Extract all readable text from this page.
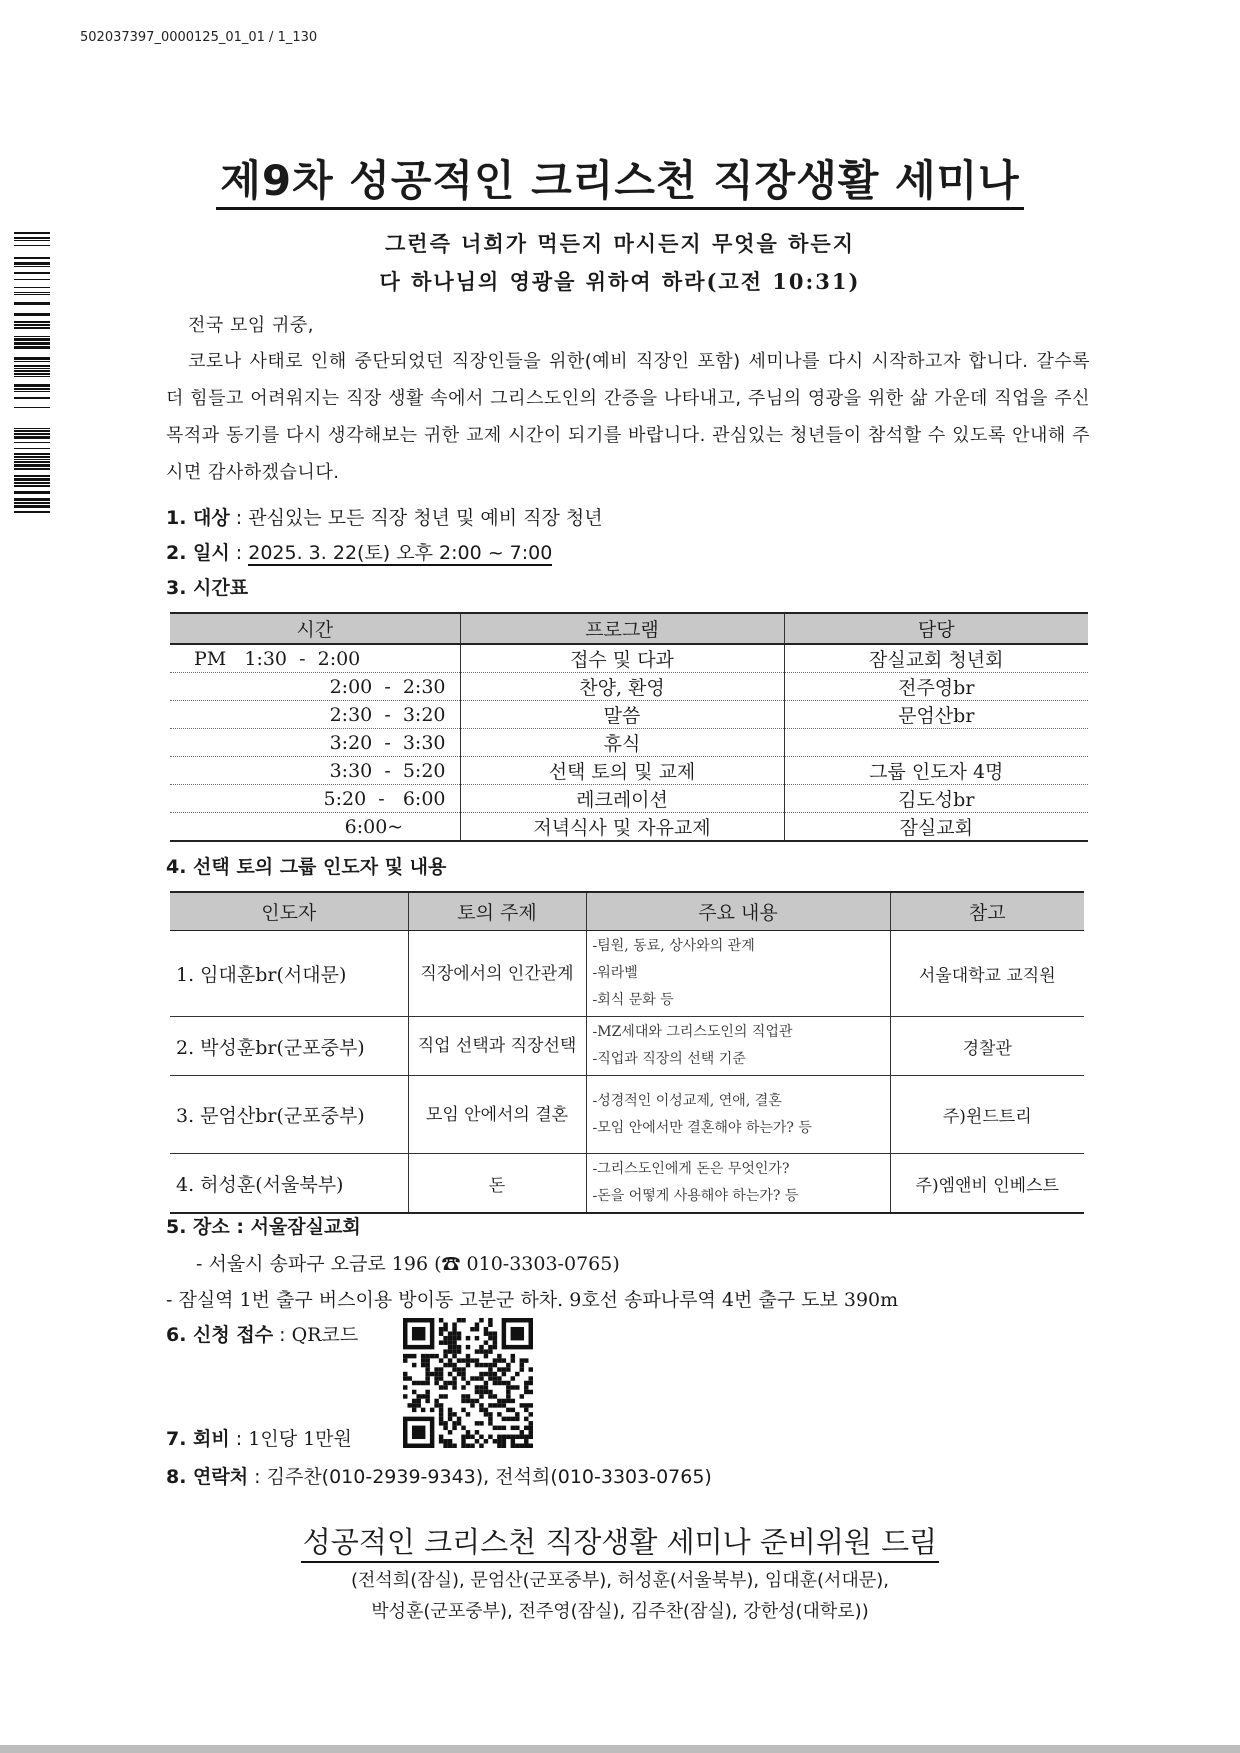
502037397_0000125_01_01 / 1_130
제9차 성공적인 크리스천 직장생활 세미나
그런즉 너희가 먹든지 마시든지 무엇을 하든지
다 하나님의 영광을 위하여 하라(고전 10:31)
전국 모임 귀중,
코로나 사태로 인해 중단되었던 직장인들을 위한(예비 직장인 포함) 세미나를 다시 시작하고자 합니다. 갈수록 더 힘들고 어려워지는 직장 생활 속에서 그리스도인의 간증을 나타내고, 주님의 영광을 위한 삶 가운데 직업을 주신 목적과 동기를 다시 생각해보는 귀한 교제 시간이 되기를 바랍니다. 관심있는 청년들이 참석할 수 있도록 안내해 주시면 감사하겠습니다.
1. 대상 : 관심있는 모든 직장 청년 및 예비 직장 청년
2. 일시 : 2025. 3. 22(토) 오후 2:00 ~ 7:00
3. 시간표
시간	프로그램	담당
PM   1:30  -  2:00	접수 및 다과	잠실교회 청년회
2:00  -  2:30	찬양, 환영	전주영br
2:30  -  3:20	말씀	문엄산br
3:20  -  3:30	휴식	
3:30  -  5:20	선택 토의 및 교제	그룹 인도자 4명
5:20  -   6:00	레크레이션	김도성br
6:00~	저녁식사 및 자유교제	잠실교회
4. 선택 토의 그룹 인도자 및 내용
인도자	토의 주제	주요 내용	참고
1. 임대훈br(서대문)	직장에서의 인간관계	-팀원, 동료, 상사와의 관계
-워라벨
-회식 문화 등	서울대학교 교직원
2. 박성훈br(군포중부)	직업 선택과 직장선택	-MZ세대와 그리스도인의 직업관
-직업과 직장의 선택 기준	경찰관
3. 문엄산br(군포중부)	모임 안에서의 결혼	-성경적인 이성교제, 연애, 결혼
-모임 안에서만 결혼해야 하는가? 등	주)윈드트리
4. 허성훈(서울북부)	돈	-그리스도인에게 돈은 무엇인가?
-돈을 어떻게 사용해야 하는가? 등	주)엠앤비 인베스트
5. 장소 : 서울잠실교회
- 서울시 송파구 오금로 196 (☎ 010-3303-0765)
- 잠실역 1번 출구 버스이용 방이동 고분군 하차. 9호선 송파나루역 4번 출구 도보 390m
6. 신청 접수 : QR코드
7. 회비 : 1인당 1만원
8. 연락처 : 김주찬(010-2939-9343), 전석희(010-3303-0765)
성공적인 크리스천 직장생활 세미나 준비위원 드림
(전석희(잠실), 문엄산(군포중부), 허성훈(서울북부), 임대훈(서대문),
박성훈(군포중부), 전주영(잠실), 김주찬(잠실), 강한성(대학로))
